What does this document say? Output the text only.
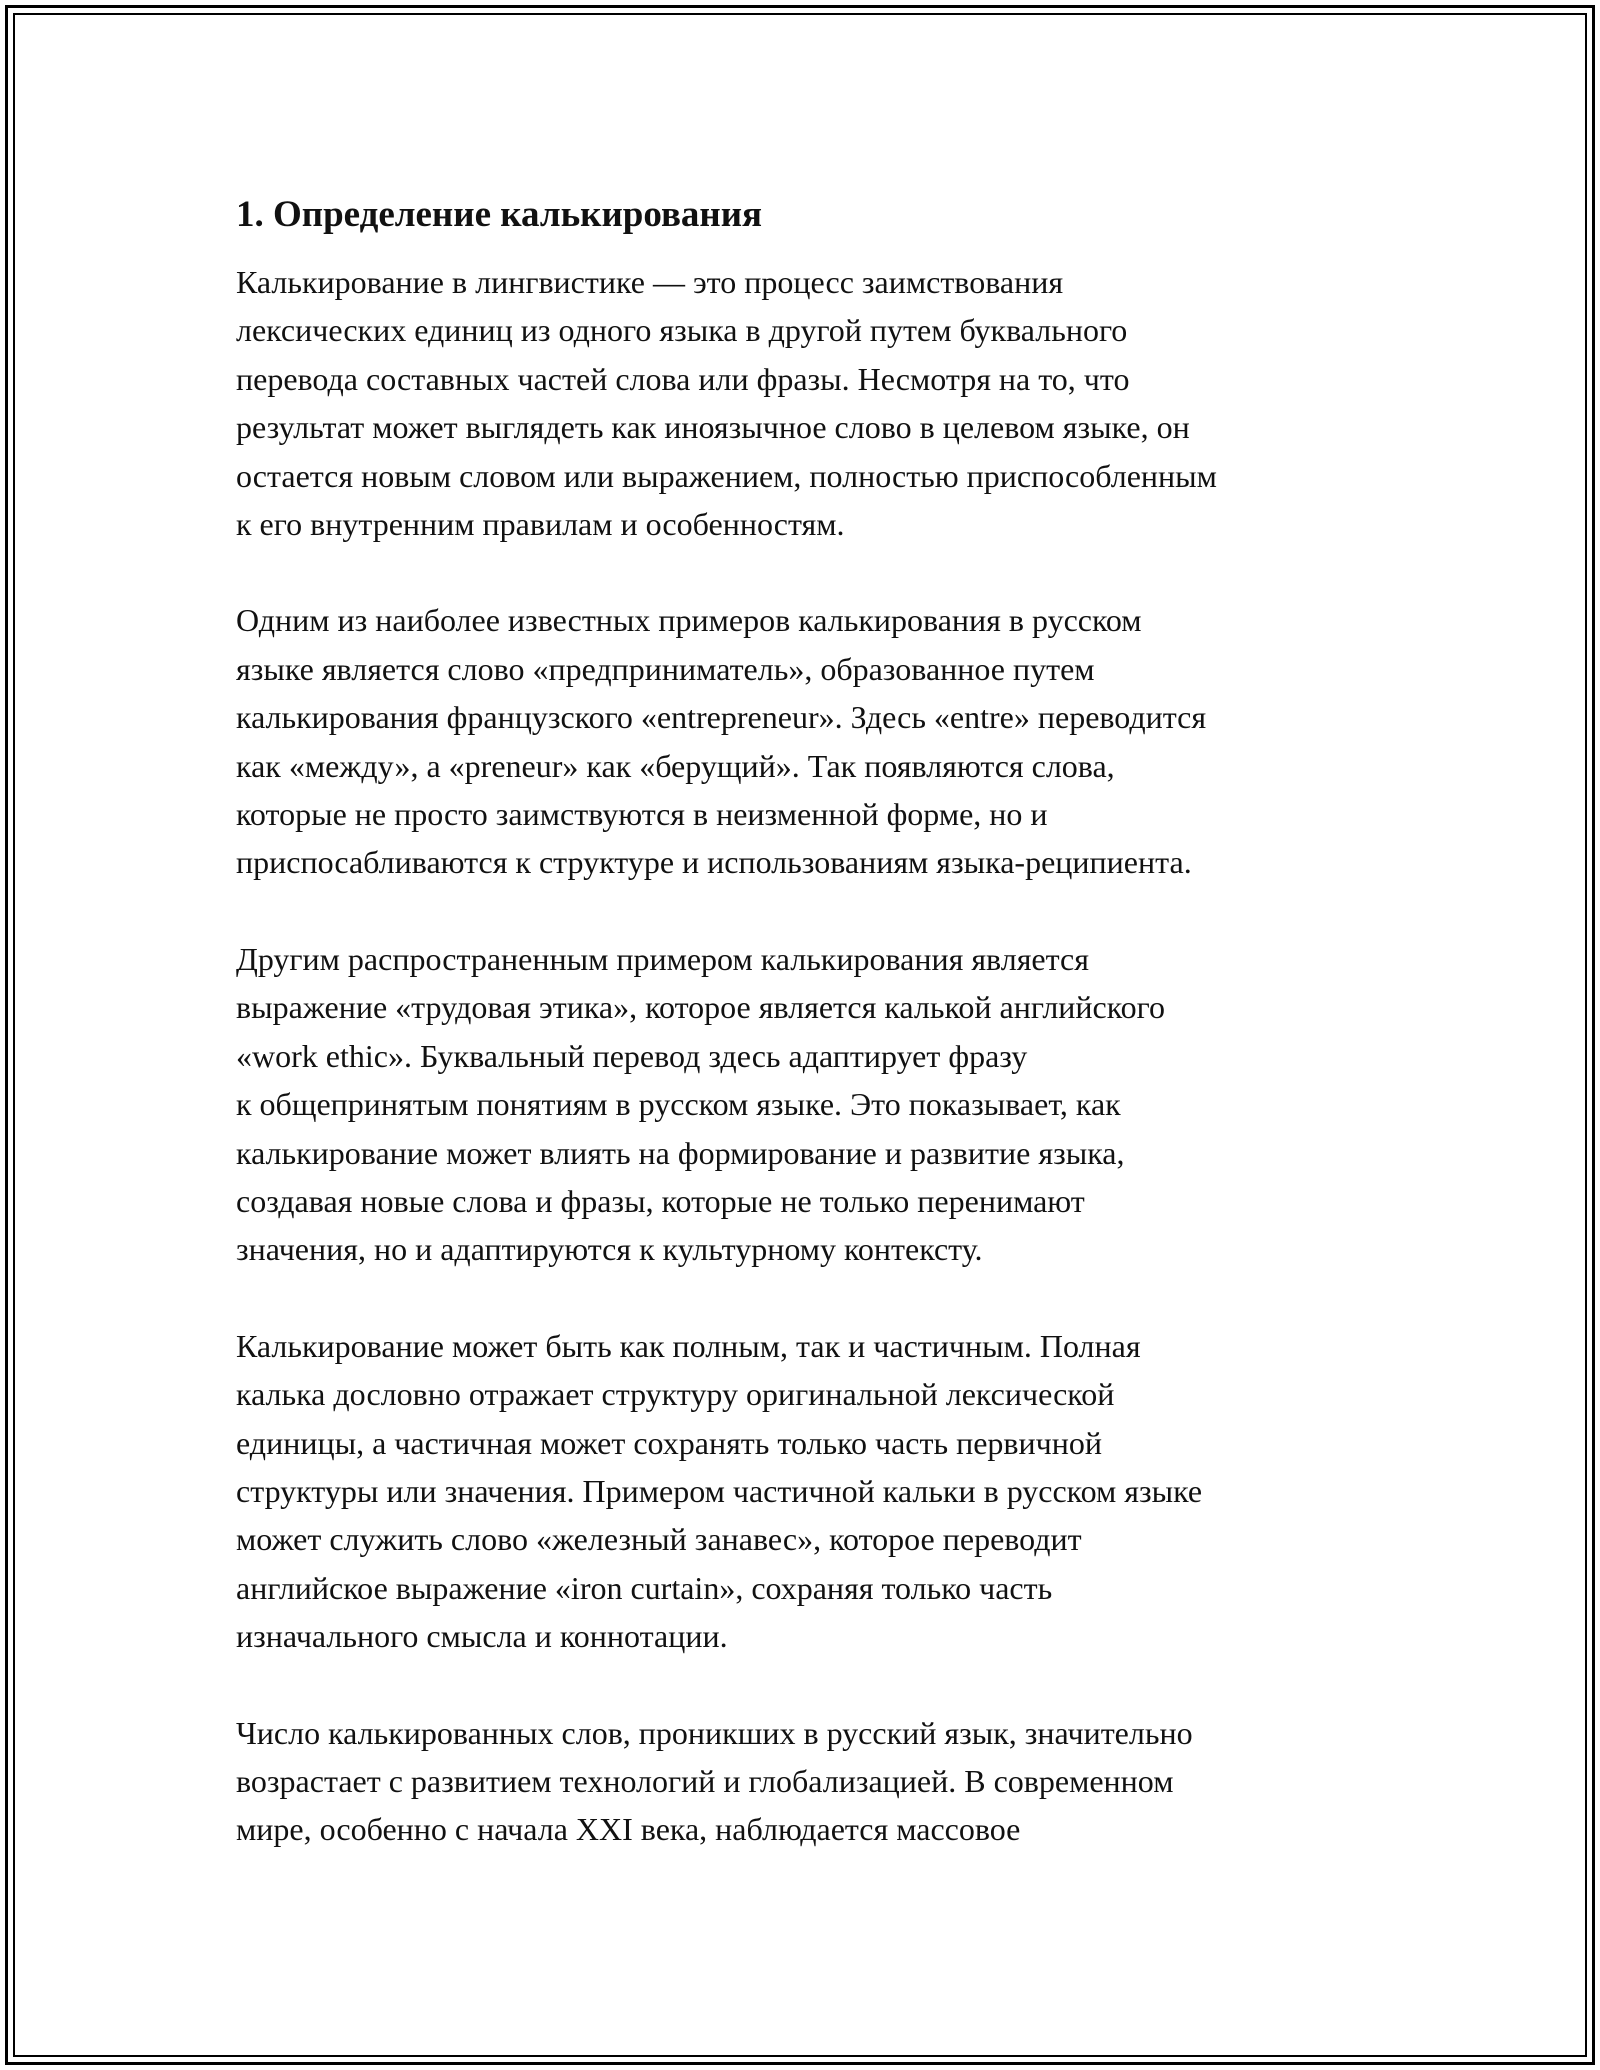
1. Определение калькирования

Калькирование в лингвистике — это процесс заимствования
лексических единиц из одного языка в другой путем буквального
перевода составных частей слова или фразы. Несмотря на то, что
результат может выглядеть как иноязычное слово в целевом языке, он
остается новым словом или выражением, полностью приспособленным
к его внутренним правилам и особенностям.

Одним из наиболее известных примеров калькирования в русском
языке является слово «предприниматель», образованное путем
калькирования французского «entrepreneur». Здесь «entre» переводится
как «между», а «preneur» как «берущий». Так появляются слова,
которые не просто заимствуются в неизменной форме, но и
приспосабливаются к структуре и использованиям языка-реципиента.

Другим распространенным примером калькирования является
выражение «трудовая этика», которое является калькой английского
«work ethic». Буквальный перевод здесь адаптирует фразу
к общепринятым понятиям в русском языке. Это показывает, как
калькирование может влиять на формирование и развитие языка,
создавая новые слова и фразы, которые не только перенимают
значения, но и адаптируются к культурному контексту.

Калькирование может быть как полным, так и частичным. Полная
калька дословно отражает структуру оригинальной лексической
единицы, а частичная может сохранять только часть первичной
структуры или значения. Примером частичной кальки в русском языке
может служить слово «железный занавес», которое переводит
английское выражение «iron curtain», сохраняя только часть
изначального смысла и коннотации.

Число калькированных слов, проникших в русский язык, значительно
возрастает с развитием технологий и глобализацией. В современном
мире, особенно с начала XXI века, наблюдается массовое
